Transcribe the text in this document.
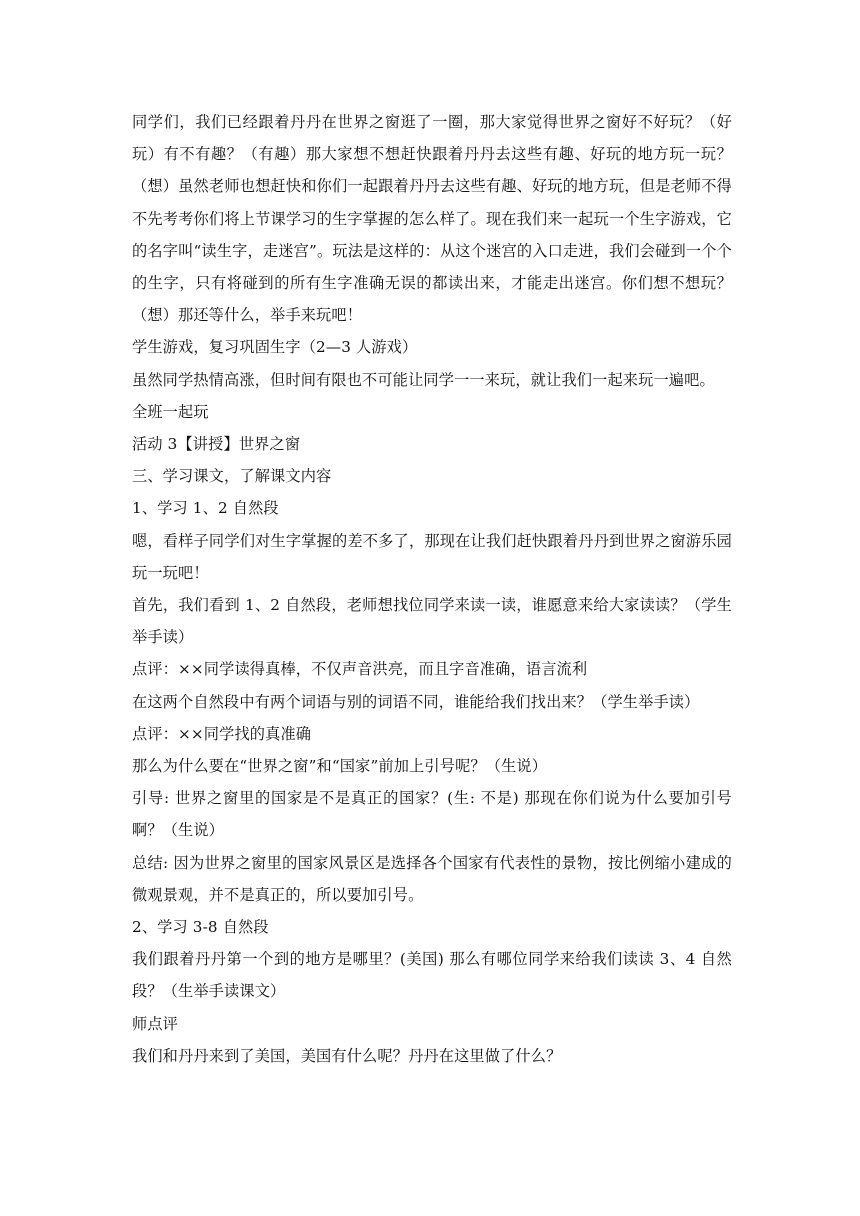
同学们，我们已经跟着丹丹在世界之窗逛了一圈，那大家觉得世界之窗好不好玩？（好玩）有不有趣？（有趣）那大家想不想赶快跟着丹丹去这些有趣、好玩的地方玩一玩？（想）虽然老师也想赶快和你们一起跟着丹丹去这些有趣、好玩的地方玩，但是老师不得不先考考你们将上节课学习的生字掌握的怎么样了。现在我们来一起玩一个生字游戏，它的名字叫“读生字，走迷宫”。玩法是这样的：从这个迷宫的入口走进，我们会碰到一个个的生字，只有将碰到的所有生字准确无误的都读出来，才能走出迷宫。你们想不想玩？（想）那还等什么，举手来玩吧！

学生游戏，复习巩固生字（2—3 人游戏）

虽然同学热情高涨，但时间有限也不可能让同学一一来玩，就让我们一起来玩一遍吧。

全班一起玩

活动 3【讲授】世界之窗

三、学习课文，了解课文内容

1、学习 1、2 自然段

嗯，看样子同学们对生字掌握的差不多了，那现在让我们赶快跟着丹丹到世界之窗游乐园玩一玩吧！

首先，我们看到 1、2 自然段，老师想找位同学来读一读，谁愿意来给大家读读？（学生举手读）

点评：××同学读得真棒，不仅声音洪亮，而且字音准确，语言流利

在这两个自然段中有两个词语与别的词语不同，谁能给我们找出来？（学生举手读）

点评：××同学找的真准确

那么为什么要在“世界之窗”和“国家”前加上引号呢？（生说）

引导: 世界之窗里的国家是不是真正的国家？(生: 不是) 那现在你们说为什么要加引号啊？（生说）

总结: 因为世界之窗里的国家风景区是选择各个国家有代表性的景物，按比例缩小建成的微观景观，并不是真正的，所以要加引号。

2、学习 3-8 自然段

我们跟着丹丹第一个到的地方是哪里？(美国) 那么有哪位同学来给我们读读 3、4 自然段？（生举手读课文）

师点评

我们和丹丹来到了美国，美国有什么呢？丹丹在这里做了什么？
